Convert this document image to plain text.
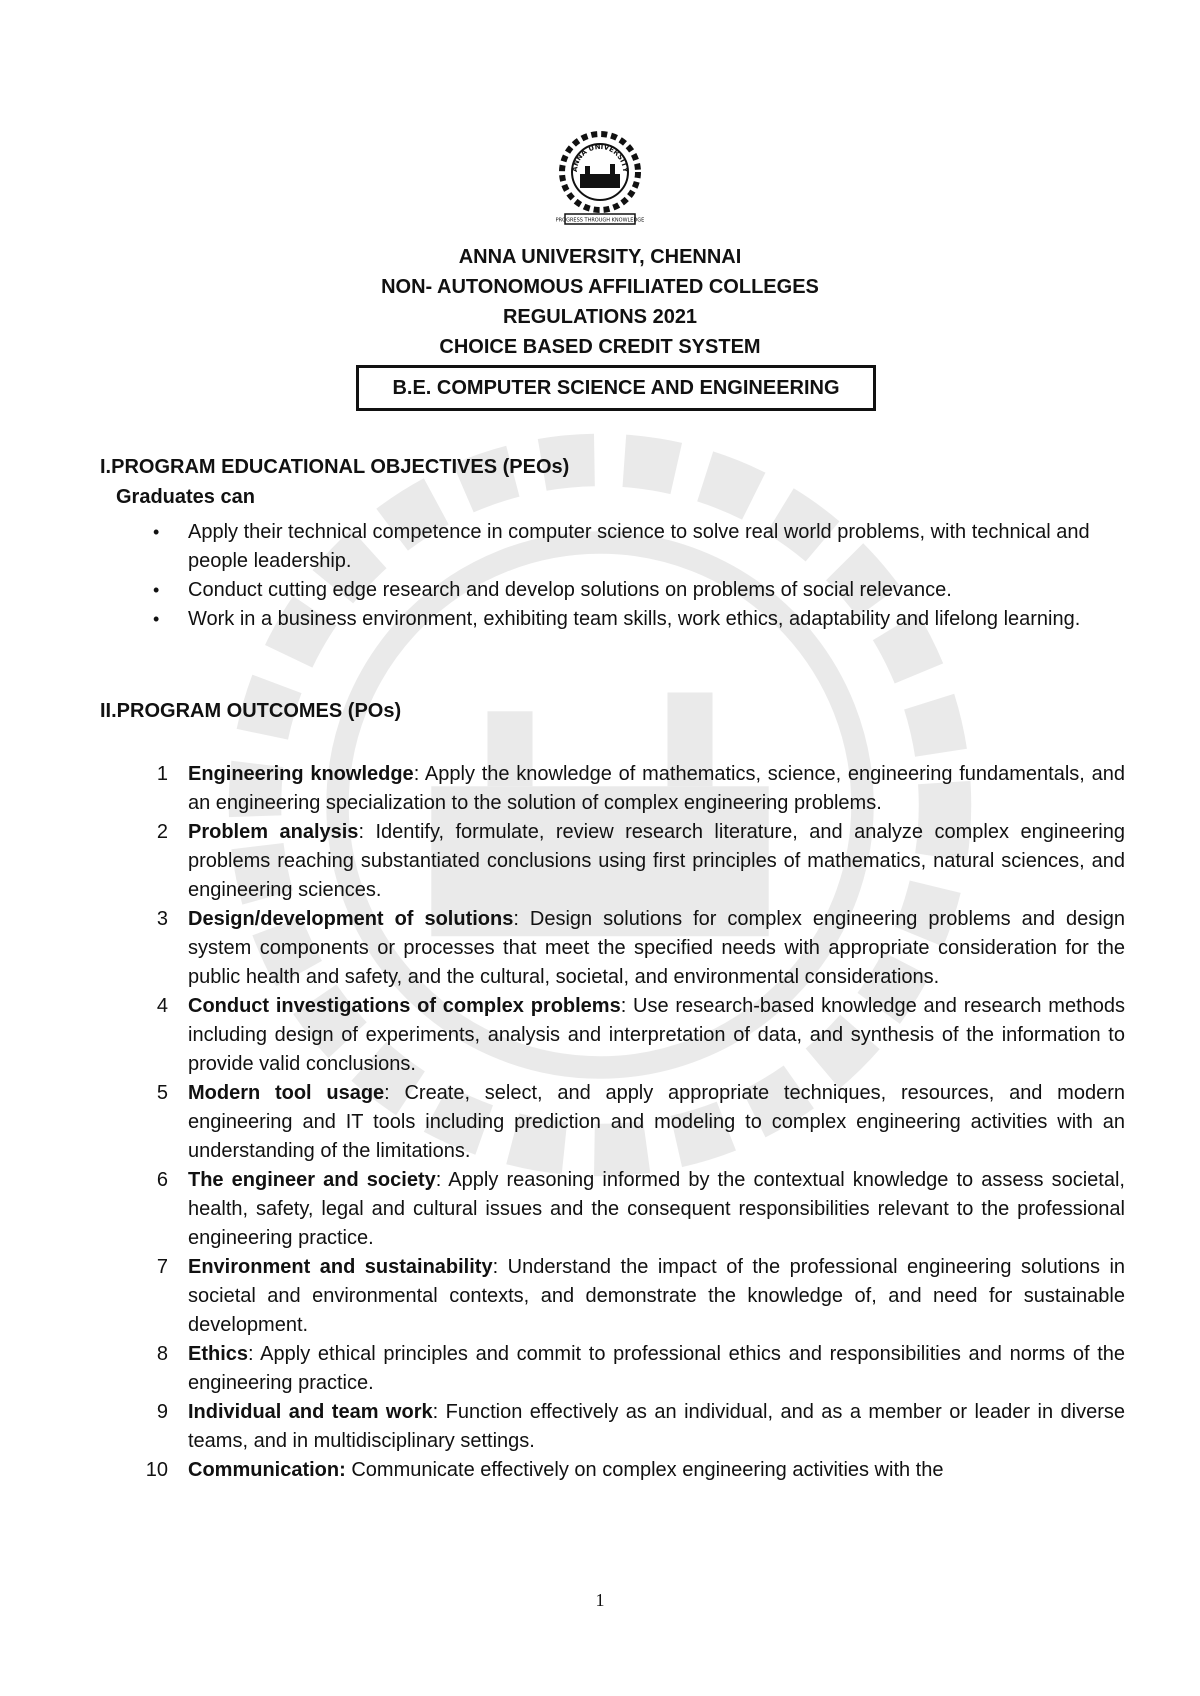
ANNA UNIVERSITY
PROGRESS THROUGH KNOWLEDGE
ANNA UNIVERSITY, CHENNAI
NON- AUTONOMOUS AFFILIATED COLLEGES
REGULATIONS 2021
CHOICE BASED CREDIT SYSTEM
B.E. COMPUTER SCIENCE AND ENGINEERING
I.PROGRAM EDUCATIONAL OBJECTIVES (PEOs)
Graduates can
• Apply their technical competence in computer science to solve real world problems, with technical and people leadership.
• Conduct cutting edge research and develop solutions on problems of social relevance.
• Work in a business environment, exhibiting team skills, work ethics, adaptability and lifelong learning.
II.PROGRAM OUTCOMES (POs)
1	Engineering knowledge: Apply the knowledge of mathematics, science, engineering fundamentals, and an engineering specialization to the solution of complex engineering problems.
2	Problem analysis: Identify, formulate, review research literature, and analyze complex engineering problems reaching substantiated conclusions using first principles of mathematics, natural sciences, and engineering sciences.
3	Design/development of solutions: Design solutions for complex engineering problems and design system components or processes that meet the specified needs with appropriate consideration for the public health and safety, and the cultural, societal, and environmental considerations.
4	Conduct investigations of complex problems: Use research-based knowledge and research methods including design of experiments, analysis and interpretation of data, and synthesis of the information to provide valid conclusions.
5	Modern tool usage: Create, select, and apply appropriate techniques, resources, and modern engineering and IT tools including prediction and modeling to complex engineering activities with an understanding of the limitations.
6	The engineer and society: Apply reasoning informed by the contextual knowledge to assess societal, health, safety, legal and cultural issues and the consequent responsibilities relevant to the professional engineering practice.
7	Environment and sustainability: Understand the impact of the professional engineering solutions in societal and environmental contexts, and demonstrate the knowledge of, and need for sustainable development.
8	Ethics: Apply ethical principles and commit to professional ethics and responsibilities and norms of the engineering practice.
9	Individual and team work: Function effectively as an individual, and as a member or leader in diverse teams, and in multidisciplinary settings.
10	Communication: Communicate effectively on complex engineering activities with the
1
